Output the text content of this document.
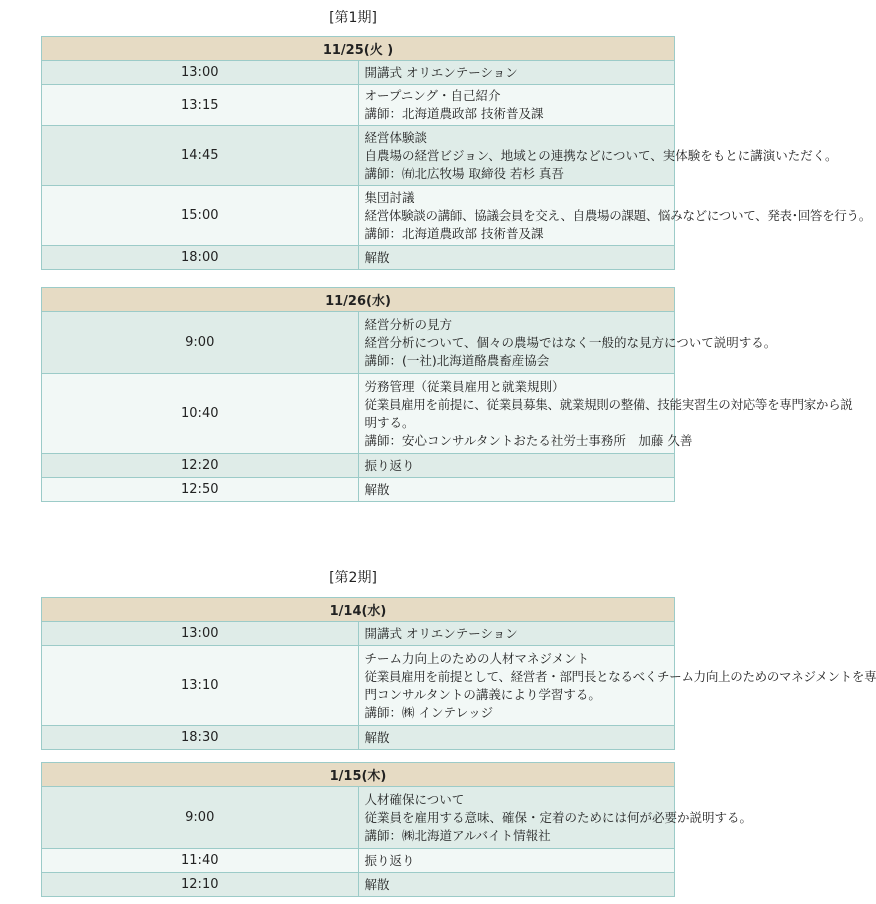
[第1期]
11/25(火 )	
13:00	開講式 オリエンテーション

13:15	オープニング・自己紹介
講師：北海道農政部 技術普及課

14:45	経営体験談
自農場の経営ビジョン、地域との連携などについて、実体験をもとに講演いただく。
講師：㈲北広牧場 取締役 若杉 真吾

15:00	集団討議
経営体験談の講師、協議会員を交え、自農場の課題、悩みなどについて、発表･回答を行う。
講師：北海道農政部 技術普及課

18:00	解散
11/26(水)	
9:00	経営分析の見方
経営分析について、個々の農場ではなく一般的な見方について説明する。
講師：(一社)北海道酪農畜産協会

10:40	労務管理（従業員雇用と就業規則）
従業員雇用を前提に、従業員募集、就業規則の整備、技能実習生の対応等を専門家から説
明する。
講師：安心コンサルタントおたる社労士事務所　加藤 久善

12:20	振り返り

12:50	解散
[第2期]
1/14(水)	
13:00	開講式 オリエンテーション

13:10	チーム力向上のための人材マネジメント
従業員雇用を前提として、経営者・部門長となるべくチーム力向上のためのマネジメントを専
門コンサルタントの講義により学習する。
講師：㈱ インテレッジ

18:30	解散
1/15(木)	
9:00	人材確保について
従業員を雇用する意味、確保・定着のためには何が必要か説明する。
講師：㈱北海道アルバイト情報社

11:40	振り返り

12:10	解散
